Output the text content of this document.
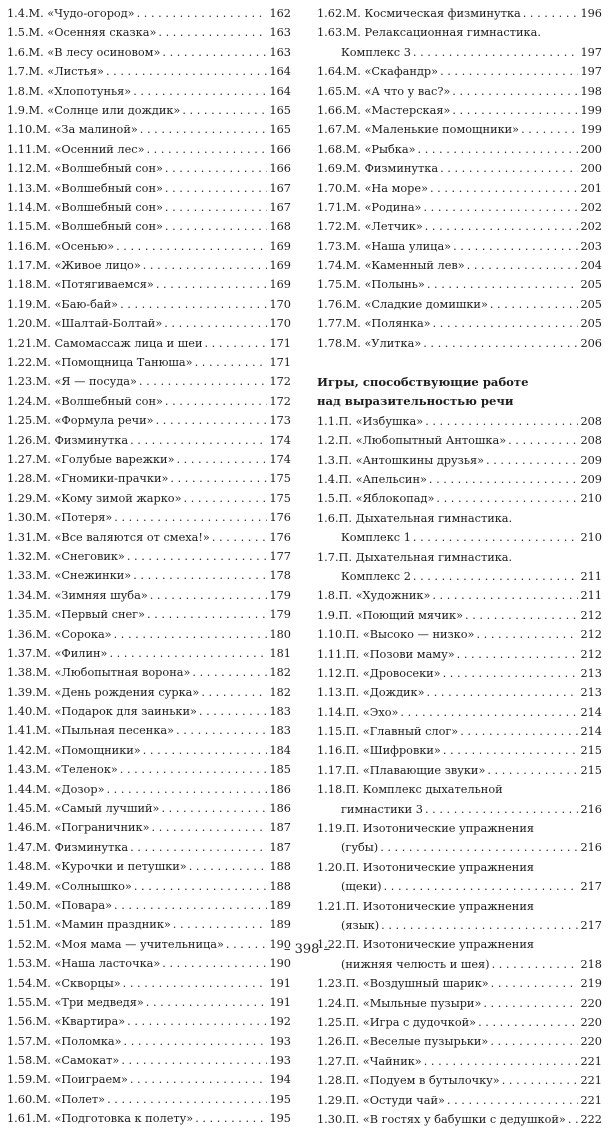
1.4.М. «Чудо-огород» . . .	162
1.5.М. «Осенняя сказка» . . .	163
1.6.М. «В лесу осиновом» . . .	163
1.7.М. «Листья» . . .	164
1.8.М. «Хлопотунья» . . .	164
1.9.М. «Солнце или дождик» . . .	165
1.10.М. «За малиной» . . .	165
1.11.М. «Осенний лес» . . .	166
1.12.М. «Волшебный сон» . . .	166
1.13.М. «Волшебный сон» . . .	167
1.14.М. «Волшебный сон» . . .	167
1.15.М. «Волшебный сон» . . .	168
1.16.М. «Осенью» . . .	169
1.17.М. «Живое лицо» . . .	169
1.18.М. «Потягиваемся» . . .	169
1.19.М. «Баю-бай» . . .	170
1.20.М. «Шалтай-Болтай» . . .	170
1.21.М. Самомассаж лица и шеи . . .	171
1.22.М. «Помощница Танюша» . . .	171
1.23.М. «Я — посуда» . . .	172
1.24.М. «Волшебный сон» . . .	172
1.25.М. «Формула речи» . . .	173
1.26.М. Физминутка . . .	174
1.27.М. «Голубые варежки» . . .	174
1.28.М. «Гномики-прачки» . . .	175
1.29.М. «Кому зимой жарко» . . .	175
1.30.М. «Потеря» . . .	176
1.31.М. «Все валяются от смеха!» . . .	176
1.32.М. «Снеговик» . . .	177
1.33.М. «Снежинки» . . .	178
1.34.М. «Зимняя шуба» . . .	179
1.35.М. «Первый снег» . . .	179
1.36.М. «Сорока» . . .	180
1.37.М. «Филин» . . .	181
1.38.М. «Любопытная ворона» . . .	182
1.39.М. «День рождения сурка» . . .	182
1.40.М. «Подарок для заиньки» . . .	183
1.41.М. «Пыльная песенка» . . .	183
1.42.М. «Помощники» . . .	184
1.43.М. «Теленок» . . .	185
1.44.М. «Дозор» . . .	186
1.45.М. «Самый лучший» . . .	186
1.46.М. «Пограничник» . . .	187
1.47.М. Физминутка . . .	187
1.48.М. «Курочки и петушки» . . .	188
1.49.М. «Солнышко» . . .	188
1.50.М. «Повара» . . .	189
1.51.М. «Мамин праздник» . . .	189
1.52.М. «Моя мама — учительница» . . .	190
1.53.М. «Наша ласточка» . . .	190
1.54.М. «Скворцы» . . .	191
1.55.М. «Три медведя» . . .	191
1.56.М. «Квартира» . . .	192
1.57.М. «Поломка» . . .	193
1.58.М. «Самокат» . . .	193
1.59.М. «Поиграем» . . .	194
1.60.М. «Полет» . . .	195
1.61.М. «Подготовка к полету» . . .	195
1.62.М. Космическая физминутка . . .	196
1.63.М. Релаксационная гимнастика.
Комплекс 3 . . .	197
1.64.М. «Скафандр» . . .	197
1.65.М. «А что у вас?» . . .	198
1.66.М. «Мастерская» . . .	199
1.67.М. «Маленькие помощники» . . .	199
1.68.М. «Рыбка» . . .	200
1.69.М. Физминутка . . .	200
1.70.М. «На море» . . .	201
1.71.М. «Родина» . . .	202
1.72.М. «Летчик» . . .	202
1.73.М. «Наша улица» . . .	203
1.74.М. «Каменный лев» . . .	204
1.75.М. «Полынь» . . .	205
1.76.М. «Сладкие домишки» . . .	205
1.77.М. «Полянка» . . .	205
1.78.М. «Улитка» . . .	206
Игры, способствующие работе
над выразительностью речи
1.1.П. «Избушка» . . .	208
1.2.П. «Любопытный Антошка» . . .	208
1.3.П. «Антошкины друзья» . . .	209
1.4.П. «Апельсин» . . .	209
1.5.П. «Яблокопад» . . .	210
1.6.П. Дыхательная гимнастика.
Комплекс 1 . . .	210
1.7.П. Дыхательная гимнастика.
Комплекс 2 . . .	211
1.8.П. «Художник» . . .	211
1.9.П. «Поющий мячик» . . .	212
1.10.П. «Высоко — низко» . . .	212
1.11.П. «Позови маму» . . .	212
1.12.П. «Дровосеки» . . .	213
1.13.П. «Дождик» . . .	213
1.14.П. «Эхо» . . .	214
1.15.П. «Главный слог» . . .	214
1.16.П. «Шифровки» . . .	215
1.17.П. «Плавающие звуки» . . .	215
1.18.П. Комплекс дыхательной
гимнастики 3 . . .	216
1.19.П. Изотонические упражнения
(губы) . . .	216
1.20.П. Изотонические упражнения
(щеки) . . .	217
1.21.П. Изотонические упражнения
(язык) . . .	217
1.22.П. Изотонические упражнения
(нижняя челюсть и шея) . . .	218
1.23.П. «Воздушный шарик» . . .	219
1.24.П. «Мыльные пузыри» . . .	220
1.25.П. «Игра с дудочкой» . . .	220
1.26.П. «Веселые пузырьки» . . .	220
1.27.П. «Чайник» . . .	221
1.28.П. «Подуем в бутылочку» . . .	221
1.29.П. «Остуди чай» . . .	221
1.30.П. «В гостях у бабушки с дедушкой» . . . 222
– 398 –
